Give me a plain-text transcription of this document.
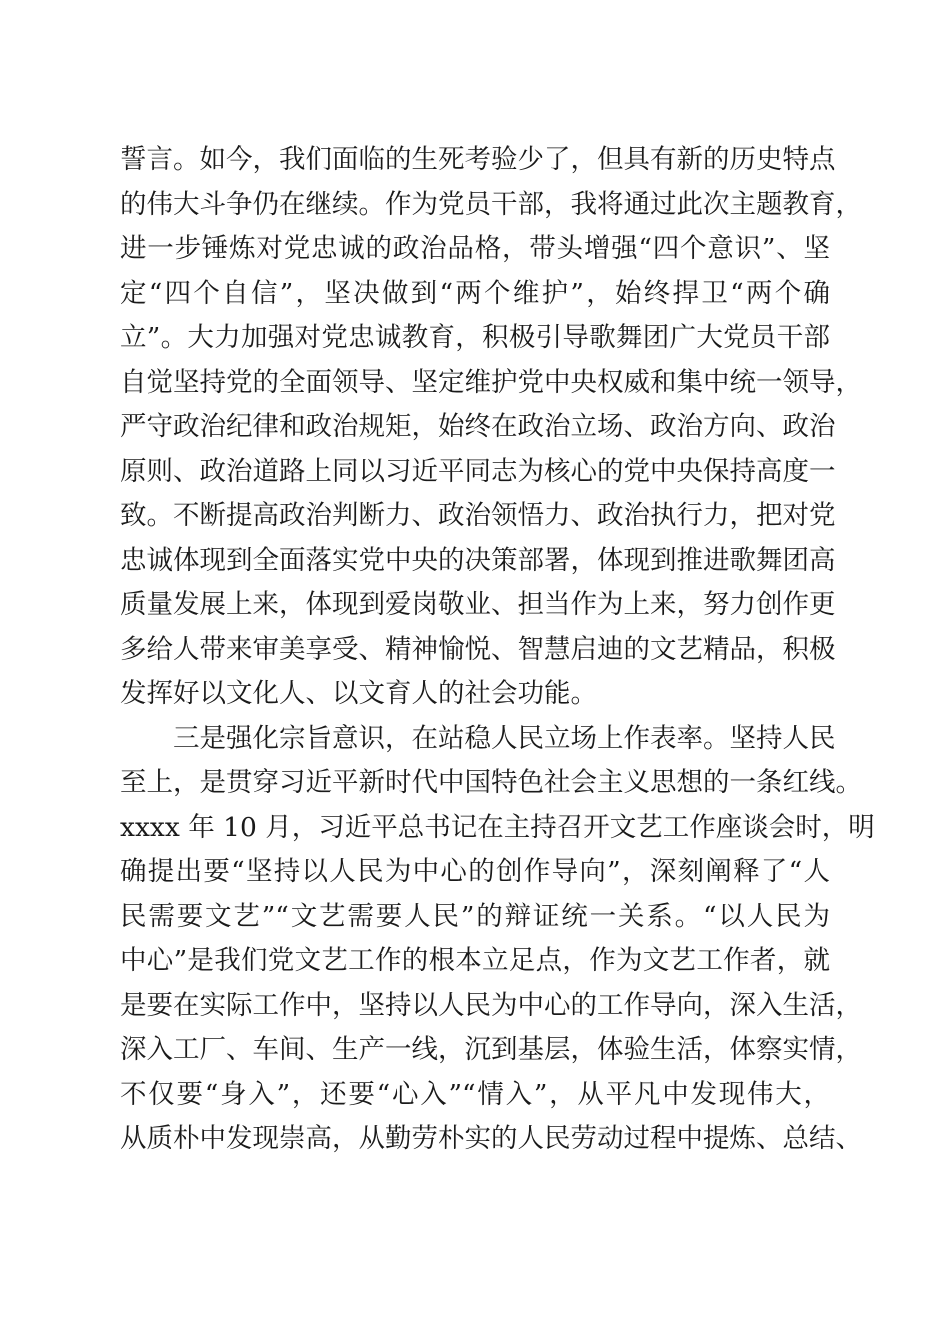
誓言。如今，我们面临的生死考验少了，但具有新的历史特点
的伟大斗争仍在继续。作为党员干部，我将通过此次主题教育，
进一步锤炼对党忠诚的政治品格，带头增强“四个意识”、坚
定“四个自信”，坚决做到“两个维护”，始终捍卫“两个确
立”。大力加强对党忠诚教育，积极引导歌舞团广大党员干部
自觉坚持党的全面领导、坚定维护党中央权威和集中统一领导，
严守政治纪律和政治规矩，始终在政治立场、政治方向、政治
原则、政治道路上同以习近平同志为核心的党中央保持高度一
致。不断提高政治判断力、政治领悟力、政治执行力，把对党
忠诚体现到全面落实党中央的决策部署，体现到推进歌舞团高
质量发展上来，体现到爱岗敬业、担当作为上来，努力创作更
多给人带来审美享受、精神愉悦、智慧启迪的文艺精品，积极
发挥好以文化人、以文育人的社会功能。
三是强化宗旨意识，在站稳人民立场上作表率。坚持人民
至上，是贯穿习近平新时代中国特色社会主义思想的一条红线。
xxxx 年 10 月，习近平总书记在主持召开文艺工作座谈会时，明
确提出要“坚持以人民为中心的创作导向”，深刻阐释了“人
民需要文艺”“文艺需要人民”的辩证统一关系。“以人民为
中心”是我们党文艺工作的根本立足点，作为文艺工作者，就
是要在实际工作中，坚持以人民为中心的工作导向，深入生活，
深入工厂、车间、生产一线，沉到基层，体验生活，体察实情，
不仅要“身入”，还要“心入”“情入”，从平凡中发现伟大，
从质朴中发现崇高，从勤劳朴实的人民劳动过程中提炼、总结、
